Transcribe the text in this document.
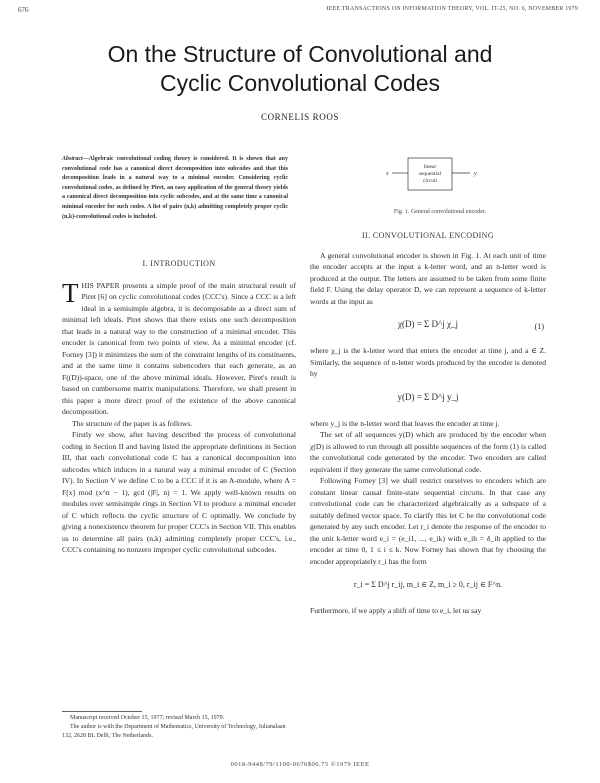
676	IEEE TRANSACTIONS ON INFORMATION THEORY, VOL. IT-25, NO. 6, NOVEMBER 1979
On the Structure of Convolutional and
Cyclic Convolutional Codes
CORNELIS ROOS
Abstract—Algebraic convolutional coding theory is considered. It is shown that any convolutional code has a canonical direct decomposition into subcodes and that this decomposition leads in a natural way to a minimal encoder. Considering cyclic convolutional codes, as defined by Piret, an easy application of the general theory yields a canonical direct decomposition into cyclic subcodes, and at the same time a canonical minimal encoder for such codes. A list of pairs (n,k) admitting completely proper cyclic (n,k)-convolutional codes is included.
linear
sequential
circuit
x	y
Fig. 1. General convolutional encoder.
I. INTRODUCTION

THIS PAPER presents a simple proof of the main structural result of Piret [6] on cyclic convolutional codes (CCC's). Since a CCC is a left ideal in a semisimple algebra, it is decomposable as a direct sum of minimal left ideals. Piret shows that there exists one such decomposition that leads in a natural way to the construction of a minimal encoder. This encoder is canonical from two points of view. As a minimal encoder (cf. Forney [3]) it minimizes the sum of the constraint lengths of its constituents, and at the same time it contains subencoders that each generate, as an F((D))-space, one of the above minimal ideals. However, Piret's result is based on cumbersome matrix manipulations. Therefore, we shall present in this paper a more direct proof of the existence of the above canonical decomposition.

The structure of the paper is as follows.

Firstly we show, after having described the process of convolutional coding in Section II and having listed the appropriate definitions in Section III, that each convolutional code C has a canonical decomposition into subcodes which induces in a natural way a minimal encoder of C (Section IV). In Section V we define C to be a CCC if it is an A-module, where A = F[x] mod (x^n − 1), gcd (|F|, n) = 1. We apply well-known results on modules over semisimple rings in Section VI to produce a minimal encoder of C which reflects the cyclic structure of C optimally. We conclude by giving a nonexistence theorem for proper CCC's in Section VII. This enables us to determine all pairs (n,k) admitting completely proper CCC's, i.e., CCC's containing no nonzero improper cyclic convolutional subcodes.

Manuscript received October 15, 1977; revised March 15, 1979.

The author is with the Department of Mathematics, University of Technology, Julianalaan 132, 2628 BL Delft, The Netherlands.

II. CONVOLUTIONAL ENCODING

A general convolutional encoder is shown in Fig. 1. At each unit of time the encoder accepts at the input a k-letter word, and an n-letter word is produced at the output. The letters are assumed to be taken from some finite field F. Using the delay operator D, we can represent a sequence of k-letter words at the input as

χ(D) = Σ D^j χ_j	(1)

where χ_j is the k-letter word that enters the encoder at time j, and a ∈ Z. Similarly, the sequence of n-letter words produced by the encoder is denoted by

y(D) = Σ D^j y_j

where y_j is the n-letter word that leaves the encoder at time j.

The set of all sequences y(D) which are produced by the encoder when χ(D) is allowed to run through all possible sequences of the form (1) is called the convolutional code generated by the encoder. Two encoders are called equivalent if they generate the same convolutional code.

Following Forney [3] we shall restrict ourselves to encoders which are constant linear causal finite-state sequential circuits. In that case any convolutional code can be characterized algebraically as a subspace of a suitably defined vector space. To clarify this let C be the convolutional code generated by any such encoder. Let r_i denote the response of the encoder to the unit k-letter word e_i = (e_i1, ..., e_ik) with e_ih = δ_ih applied to the encoder at time 0, 1 ≤ i ≤ k. Now Forney has shown that by choosing the encoder appropriately r_i has the form

r_i = Σ D^j r_ij, m_i ∈ Z, m_i ≥ 0, r_ij ∈ F^n.

Furthermore, if we apply a shift of time to e_i, let us say

0018-9448/79/1100-0676$00.75 ©1979 IEEE
